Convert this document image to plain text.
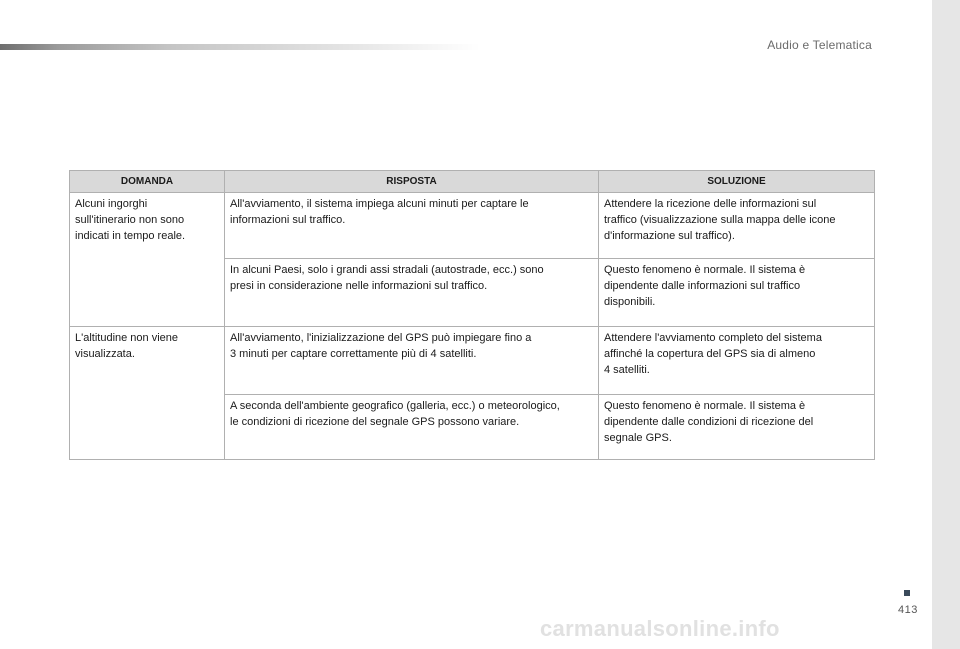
Audio e Telematica
DOMANDA	RISPOSTA	SOLUZIONE

Alcuni ingorghi
sull'itinerario non sono
indicati in tempo reale.	All'avviamento, il sistema impiega alcuni minuti per captare le
informazioni sul traffico.	Attendere la ricezione delle informazioni sul
traffico (visualizzazione sulla mappa delle icone
d'informazione sul traffico).

	In alcuni Paesi, solo i grandi assi stradali (autostrade, ecc.) sono
presi in considerazione nelle informazioni sul traffico.	Questo fenomeno è normale. Il sistema è
dipendente dalle informazioni sul traffico
disponibili.

L'altitudine non viene
visualizzata.	All'avviamento, l'inizializzazione del GPS può impiegare fino a
3 minuti per captare correttamente più di 4 satelliti.	Attendere l'avviamento completo del sistema
affinché la copertura del GPS sia di almeno
4 satelliti.

	A seconda dell'ambiente geografico (galleria, ecc.) o meteorologico,
le condizioni di ricezione del segnale GPS possono variare.	Questo fenomeno è normale. Il sistema è
dipendente dalle condizioni di ricezione del
segnale GPS.
413
carmanualsonline.info
